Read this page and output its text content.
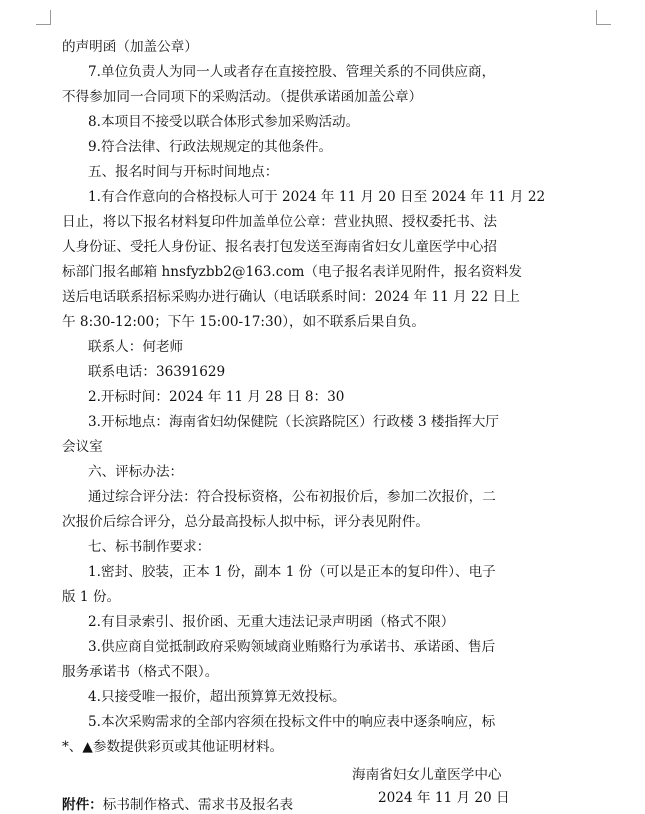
的声明函（加盖公章）
7.单位负责人为同一人或者存在直接控股、管理关系的不同供应商，
不得参加同一合同项下的采购活动。（提供承诺函加盖公章）
8.本项目不接受以联合体形式参加采购活动。
9.符合法律、行政法规规定的其他条件。
五、报名时间与开标时间地点：
1.有合作意向的合格投标人可于 2024 年 11 月 20 日至 2024 年 11 月 22
日止，将以下报名材料复印件加盖单位公章：营业执照、授权委托书、法
人身份证、受托人身份证、报名表打包发送至海南省妇女儿童医学中心招
标部门报名邮箱 hnsfyzbb2@163.com（电子报名表详见附件，报名资料发
送后电话联系招标采购办进行确认（电话联系时间：2024 年 11 月 22 日上
午 8:30-12:00；下午 15:00-17:30），如不联系后果自负。
联系人：何老师
联系电话：36391629
2.开标时间：2024 年 11 月 28 日 8：30
3.开标地点：海南省妇幼保健院（长滨路院区）行政楼 3 楼指挥大厅
会议室
六、评标办法：
通过综合评分法：符合投标资格，公布初报价后，参加二次报价，二
次报价后综合评分，总分最高投标人拟中标，评分表见附件。
七、标书制作要求：
1.密封、胶装，正本 1 份，副本 1 份（可以是正本的复印件）、电子
版 1 份。
2.有目录索引、报价函、无重大违法记录声明函（格式不限）
3.供应商自觉抵制政府采购领域商业贿赂行为承诺书、承诺函、售后
服务承诺书（格式不限）。
4.只接受唯一报价，超出预算算无效投标。
5.本次采购需求的全部内容须在投标文件中的响应表中逐条响应，标
*、▲参数提供彩页或其他证明材料。
海南省妇女儿童医学中心
2024 年 11 月 20 日
附件：标书制作格式、需求书及报名表
